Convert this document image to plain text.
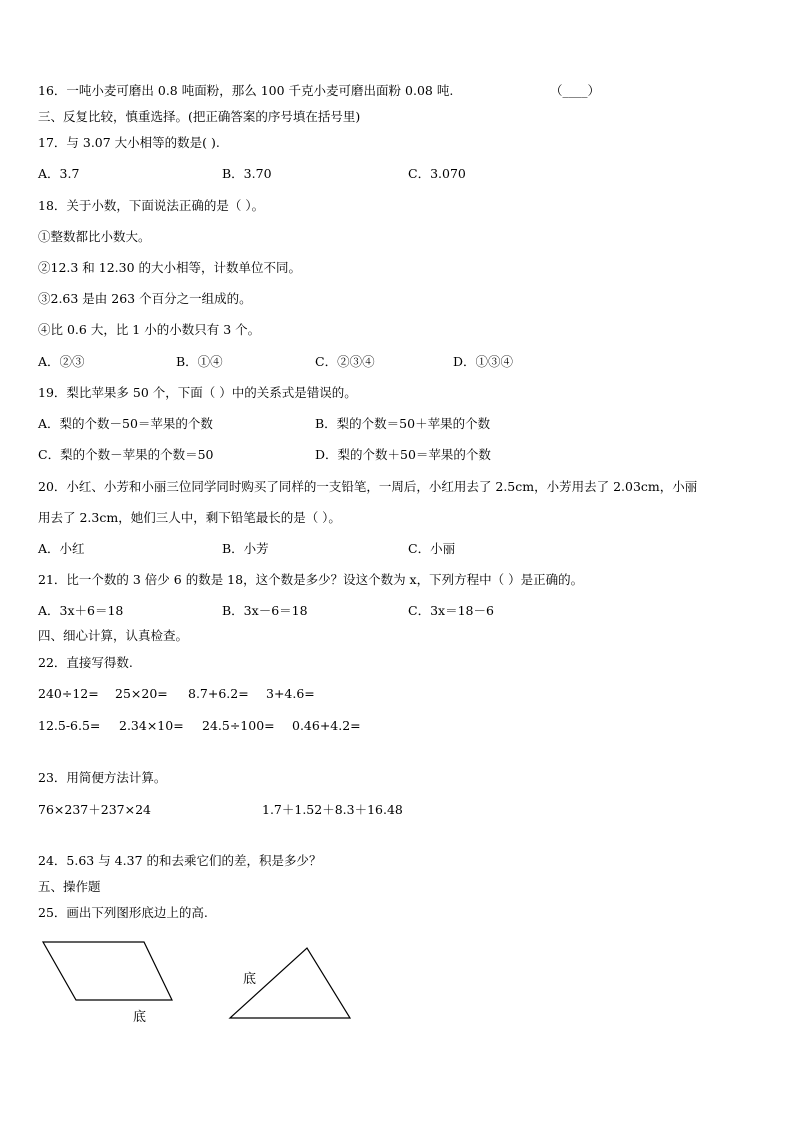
16．一吨小麦可磨出 0.8 吨面粉，那么 100 千克小麦可磨出面粉 0.08 吨.	（____）
三、反复比较，慎重选择。(把正确答案的序号填在括号里)
17．与 3.07 大小相等的数是( ).
A．3.7	B．3.70	C．3.070
18．关于小数，下面说法正确的是（ ）。
①整数都比小数大。
②12.3 和 12.30 的大小相等，计数单位不同。
③2.63 是由 263 个百分之一组成的。
④比 0.6 大，比 1 小的小数只有 3 个。
A．②③	B．①④	C．②③④	D．①③④
19．梨比苹果多 50 个，下面（ ）中的关系式是错误的。
A．梨的个数－50＝苹果的个数	B．梨的个数＝50＋苹果的个数
C．梨的个数－苹果的个数＝50	D．梨的个数＋50＝苹果的个数
20．小红、小芳和小丽三位同学同时购买了同样的一支铅笔，一周后，小红用去了 2.5cm，小芳用去了 2.03cm，小丽
用去了 2.3cm，她们三人中，剩下铅笔最长的是（ ）。
A．小红	B．小芳	C．小丽
21．比一个数的 3 倍少 6 的数是 18，这个数是多少？设这个数为 x，下列方程中（ ）是正确的。
A．3x＋6＝18	B．3x－6＝18	C．3x＝18－6
四、细心计算，认真检查。
22．直接写得数.
240÷12= 25×20= 8.7+6.2= 3+4.6=
12.5-6.5= 2.34×10= 24.5÷100= 0.46+4.2=
23．用简便方法计算。
76×237＋237×24	1.7＋1.52＋8.3＋16.48
24．5.63 与 4.37 的和去乘它们的差，积是多少？
五、操作题
25．画出下列图形底边上的高.
底
底
